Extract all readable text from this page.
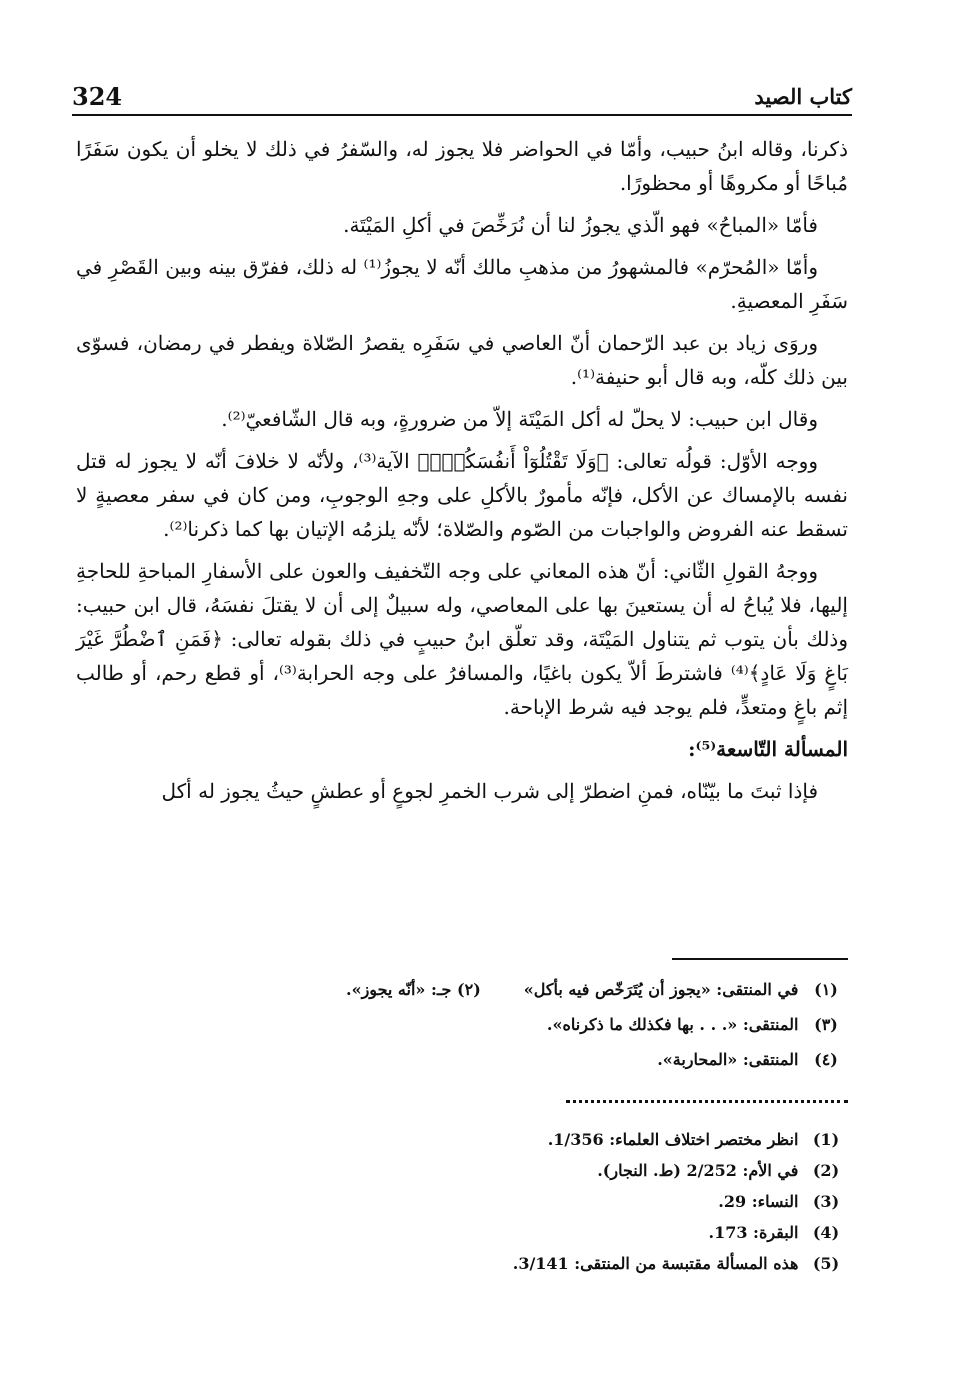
324	كتاب الصيد

ذكرنا، وقاله ابنُ حبيب، وأمّا في الحواضر فلا يجوز له، والسّفرُ في ذلك لا يخلو أن يكون سَفَرًا مُباحًا أو مكروهًا أو محظورًا.

فأمّا «المباحُ» فهو الّذي يجوزُ لنا أن نُرَخِّصَ في أكلِ المَيْتَة.

وأمّا «المُحرّم» فالمشهورُ من مذهبِ مالك أنّه لا يجوزُ⁽¹⁾ له ذلك، ففرّق بينه وبين القَصْرِ في سَفَرِ المعصيةِ.

وروَى زياد بن عبد الرّحمان أنّ العاصي في سَفَرِه يقصرُ الصّلاة ويفطر في رمضان، فسوّى بين ذلك كلّه، وبه قال أبو حنيفة⁽¹⁾.

وقال ابن حبيب: لا يحلّ له أكل المَيْتَة إلاّ من ضرورةٍ، وبه قال الشّافعيّ⁽²⁾.

ووجه الأوّل: قولُه تعالى: ﴿وَلَا تَقْتُلُوٓاْ أَنفُسَكُمْۚ﴾ الآية⁽³⁾، ولأنّه لا خلافَ أنّه لا يجوز له قتل نفسه بالإمساك عن الأكل، فإنّه مأمورٌ بالأكلِ على وجهِ الوجوبِ، ومن كان في سفر معصيةٍ لا تسقط عنه الفروض والواجبات من الصّوم والصّلاة؛ لأنّه يلزمُه الإتيان بها كما ذكرنا⁽²⁾.

ووجهُ القولِ الثّاني: أنّ هذه المعاني على وجه التّخفيف والعون على الأسفارِ المباحةِ للحاجةِ إليها، فلا يُباحُ له أن يستعينَ بها على المعاصي، وله سبيلٌ إلى أن لا يقتلَ نفسَهُ، قال ابن حبيب: وذلك بأن يتوب ثم يتناول المَيْتَة، وقد تعلّق ابنُ حبيبٍ في ذلك بقوله تعالى: ﴿فَمَنِ ٱضْطُرَّ غَيْرَ بَاغٍ وَلَا عَادٍ﴾⁽⁴⁾ فاشترطَ ألاّ يكون باغيًا، والمسافرُ على وجه الحرابة⁽³⁾، أو قطع رحم، أو طالب إثم باغٍ ومتعدٍّ، فلم يوجد فيه شرط الإباحة.

المسألة التّاسعة⁽⁵⁾:

فإذا ثبتَ ما بيّنّاه، فمنِ اضطرّ إلى شرب الخمرِ لجوعٍ أو عطشٍ حيثُ يجوز له أكل

(١) في المنتقى: «يجوز أن يُتَرَخّص فيه بأكل»
(٢) جـ: «أنّه يجوز».
(٣) المنتقى: «. . . بها فكذلك ما ذكرناه».
(٤) المنتقى: «المحاربة».
(1) انظر مختصر اختلاف العلماء: 1/356.
(2) في الأم: 2/252 (ط. النجار).
(3) النساء: 29.
(4) البقرة: 173.
(5) هذه المسألة مقتبسة من المنتقى: 3/141.
